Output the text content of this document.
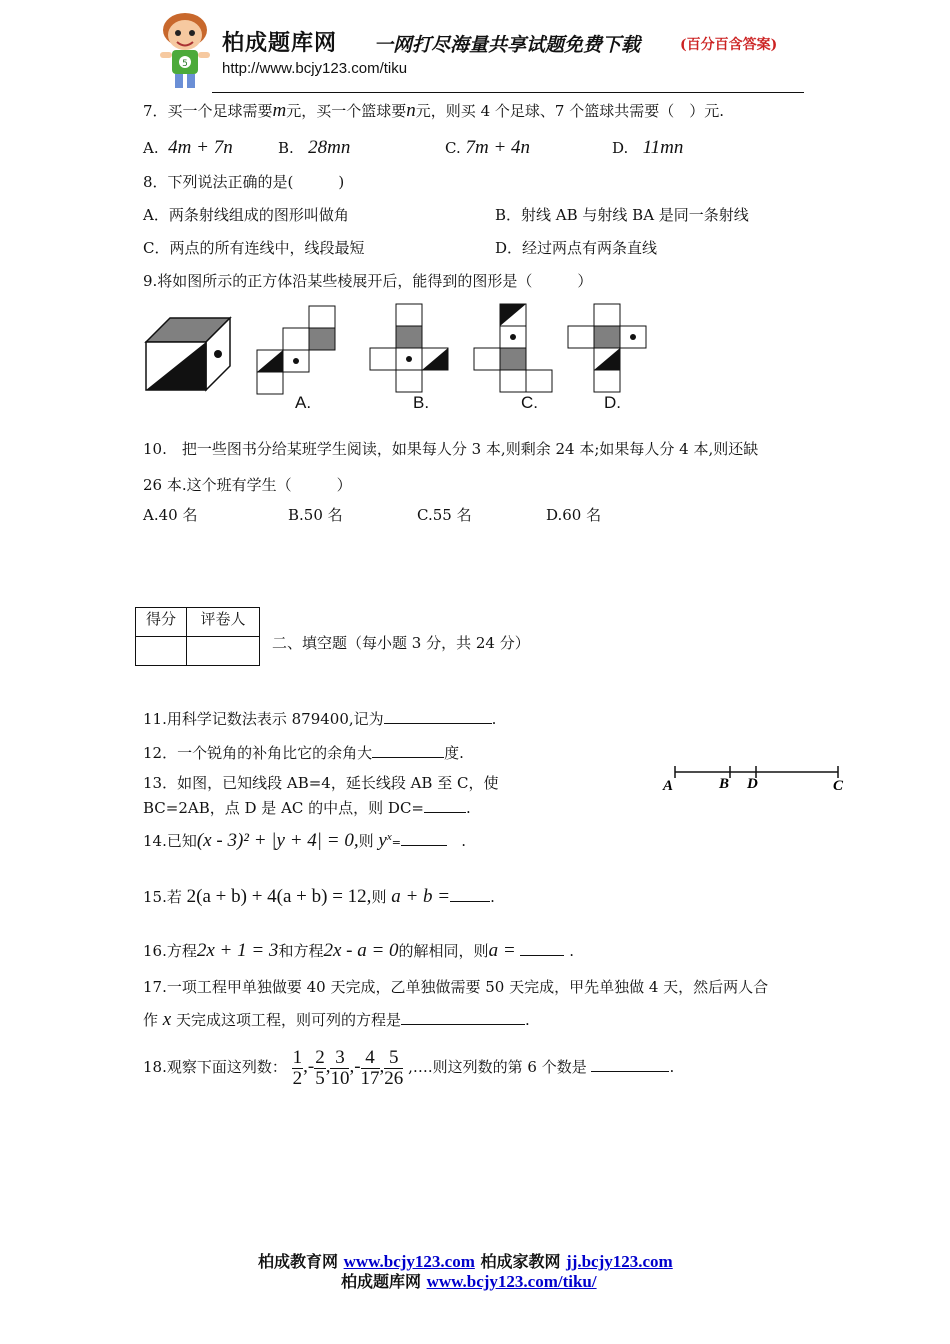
5
柏成题库网 一网打尽海量共享试题免费下载	(百分百含答案)
http://www.bcjy123.com/tiku
7．买一个足球需要m元，买一个篮球要n元，则买 4 个足球、7 个篮球共需要（　）元.
A. 4m + 7n	B. 28mn	C. 7m + 4n	D. 11mn
8．下列说法正确的是(　　　)
A．两条射线组成的图形叫做角	B．射线 AB 与射线 BA 是同一条射线
C．两点的所有连线中，线段最短	D．经过两点有两条直线
9.将如图所示的正方体沿某些棱展开后，能得到的图形是（　　　）
A.	B.	C.	D.
10.　把一些图书分给某班学生阅读，如果每人分 3 本,则剩余 24 本;如果每人分 4 本,则还缺
26 本.这个班有学生（　　　）
A.40 名	B.50 名	C.55 名	D.60 名
得分	评卷人

二、填空题（每小题 3 分，共 24 分）
11.用科学记数法表示 879400,记为	.
12．一个锐角的补角比它的余角大	度.
13．如图，已知线段 AB=4，延长线段 AB 至 C，使
BC=2AB，点 D 是 AC 的中点，则 DC=	.
A	B D	C
14.已知(x - 3)² + |y + 4| = 0,则 $y^x=$	.
15.若 2(a + b) + 4(a + b) = 12,则 a + b =	.
16.方程2x + 1 = 3和方程2x - a = 0的解相同，则a =	.
17.一项工程甲单独做要 40 天完成，乙单独做需要 50 天完成，甲先单独做 4 天，然后两人合
作 x 天完成这项工程，则可列的方程是	.
18.观察下面这列数： $\frac{1}{2}$ ,- $\frac{2}{5}$ , $\frac{3}{10}$ ,- $\frac{4}{17}$ , $\frac{5}{26}$ ,….则这列数的第 6 个数是	.
柏成教育网 www.bcjy123.com 柏成家教网 jj.bcjy123.com
柏成题库网 www.bcjy123.com/tiku/
